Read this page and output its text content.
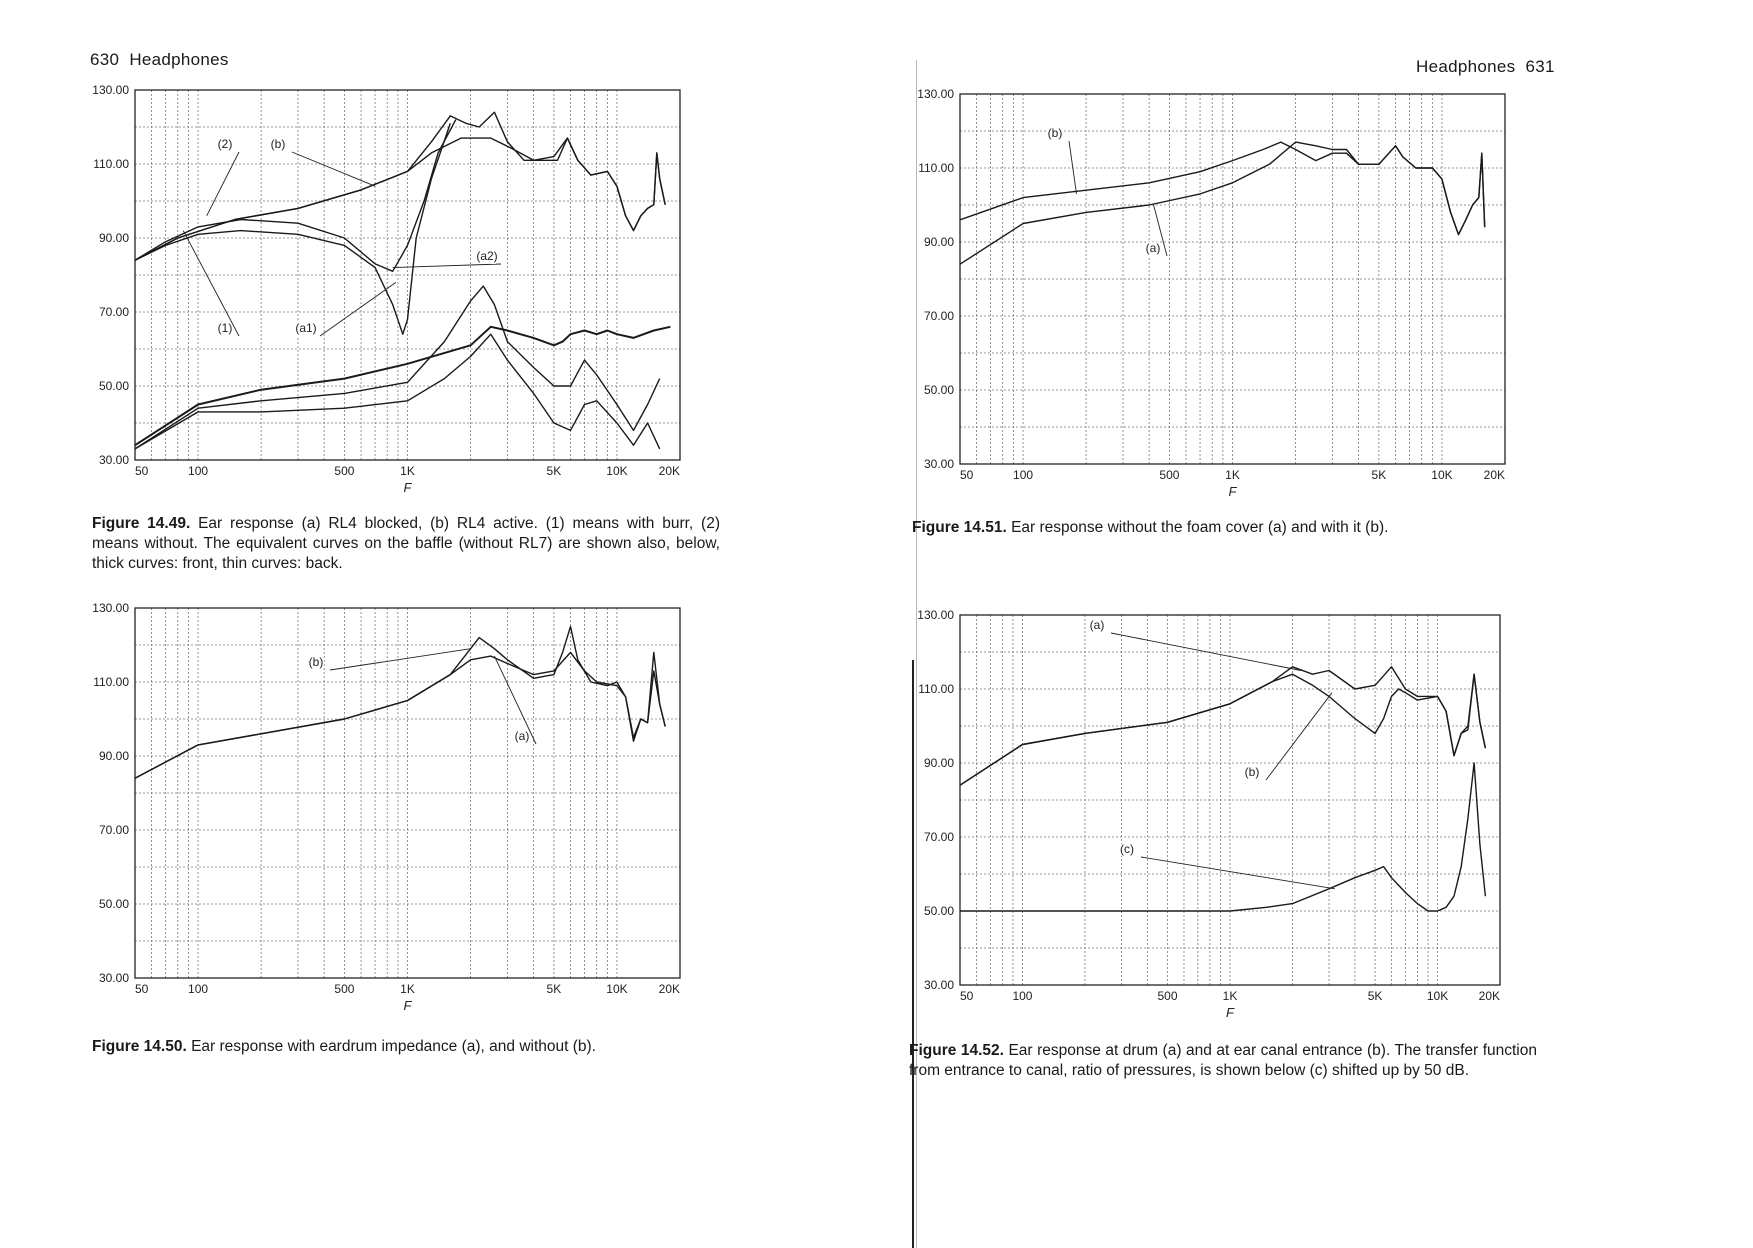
630 Headphones	Headphones 631
30.00
50.00
70.00
90.00
110.00
130.00
50	100	500	1K	5K	10K	20K
F
(2)	(b)
(a2)
(1)	(a1)
Figure 14.49. Ear response (a) RL4 blocked, (b) RL4 active. (1) means with burr, (2) means without. The equivalent curves on the baffle (without RL7) are shown also, below, thick curves: front, thin curves: back.
30.00
50.00
70.00
90.00
110.00
130.00
50	100	500	1K	5K	10K	20K
F
(b)
(a)
Figure 14.50. Ear response with eardrum impedance (a), and without (b).
30.00
50.00
70.00
90.00
110.00
130.00
50	100	500	1K	5K	10K	20K
F
(b)
(a)
Figure 14.51. Ear response without the foam cover (a) and with it (b).
30.00
50.00
70.00
90.00
110.00
130.00
50	100	500	1K	5K	10K	20K
F
(a)
(b)
(c)
Figure 14.52. Ear response at drum (a) and at ear canal entrance (b). The transfer function from entrance to canal, ratio of pressures, is shown below (c) shifted up by 50 dB.
